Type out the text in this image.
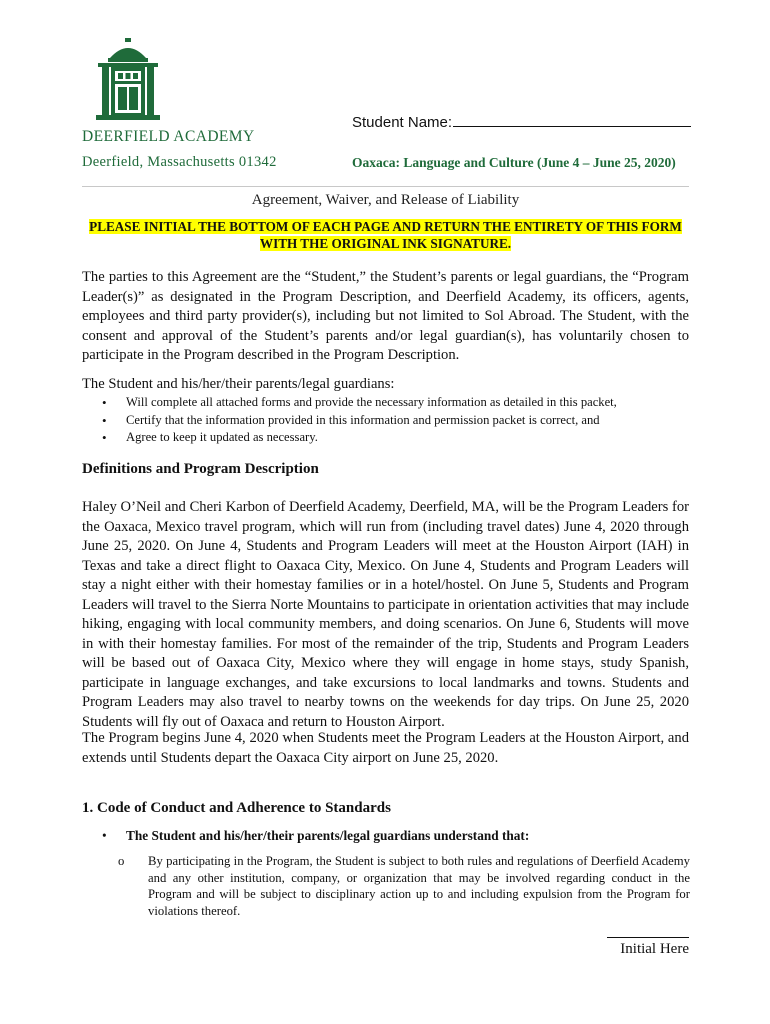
DEERFIELD ACADEMY
Deerfield, Massachusetts 01342
Student Name:
Oaxaca: Language and Culture (June 4 – June 25, 2020)
Agreement, Waiver, and Release of Liability
PLEASE INITIAL THE BOTTOM OF EACH PAGE AND RETURN THE ENTIRETY OF THIS FORM WITH THE ORIGINAL INK SIGNATURE.

The parties to this Agreement are the “Student,” the Student’s parents or legal guardians, the “Program Leader(s)” as designated in the Program Description, and Deerfield Academy, its officers, agents, employees and third party provider(s), including but not limited to Sol Abroad. The Student, with the consent and approval of the Student’s parents and/or legal guardian(s), has voluntarily chosen to participate in the Program described in the Program Description.

The Student and his/her/their parents/legal guardians:

• Will complete all attached forms and provide the necessary information as detailed in this packet,
• Certify that the information provided in this information and permission packet is correct, and
• Agree to keep it updated as necessary.
Definitions and Program Description

Haley O’Neil and Cheri Karbon of Deerfield Academy, Deerfield, MA, will be the Program Leaders for the Oaxaca, Mexico travel program, which will run from (including travel dates) June 4, 2020 through June 25, 2020. On June 4, Students and Program Leaders will meet at the Houston Airport (IAH) in Texas and take a direct flight to Oaxaca City, Mexico. On June 4, Students and Program Leaders will stay a night either with their homestay families or in a hotel/hostel. On June 5, Students and Program Leaders will travel to the Sierra Norte Mountains to participate in orientation activities that may include hiking, engaging with local community members, and doing scenarios. On June 6, Students will move in with their homestay families. For most of the remainder of the trip, Students and Program Leaders will be based out of Oaxaca City, Mexico where they will engage in home stays, study Spanish, participate in language exchanges, and take excursions to local landmarks and towns. Students and Program Leaders may also travel to nearby towns on the weekends for day trips. On June 25, 2020 Students will fly out of Oaxaca and return to Houston Airport.

The Program begins June 4, 2020 when Students meet the Program Leaders at the Houston Airport, and extends until Students depart the Oaxaca City airport on June 25, 2020.

1. Code of Conduct and Adherence to Standards
•	The Student and his/her/their parents/legal guardians understand that:
o	By participating in the Program, the Student is subject to both rules and regulations of Deerfield Academy and any other institution, company, or organization that may be involved regarding conduct in the Program and will be subject to disciplinary action up to and including expulsion from the Program for violations thereof.
Initial Here
